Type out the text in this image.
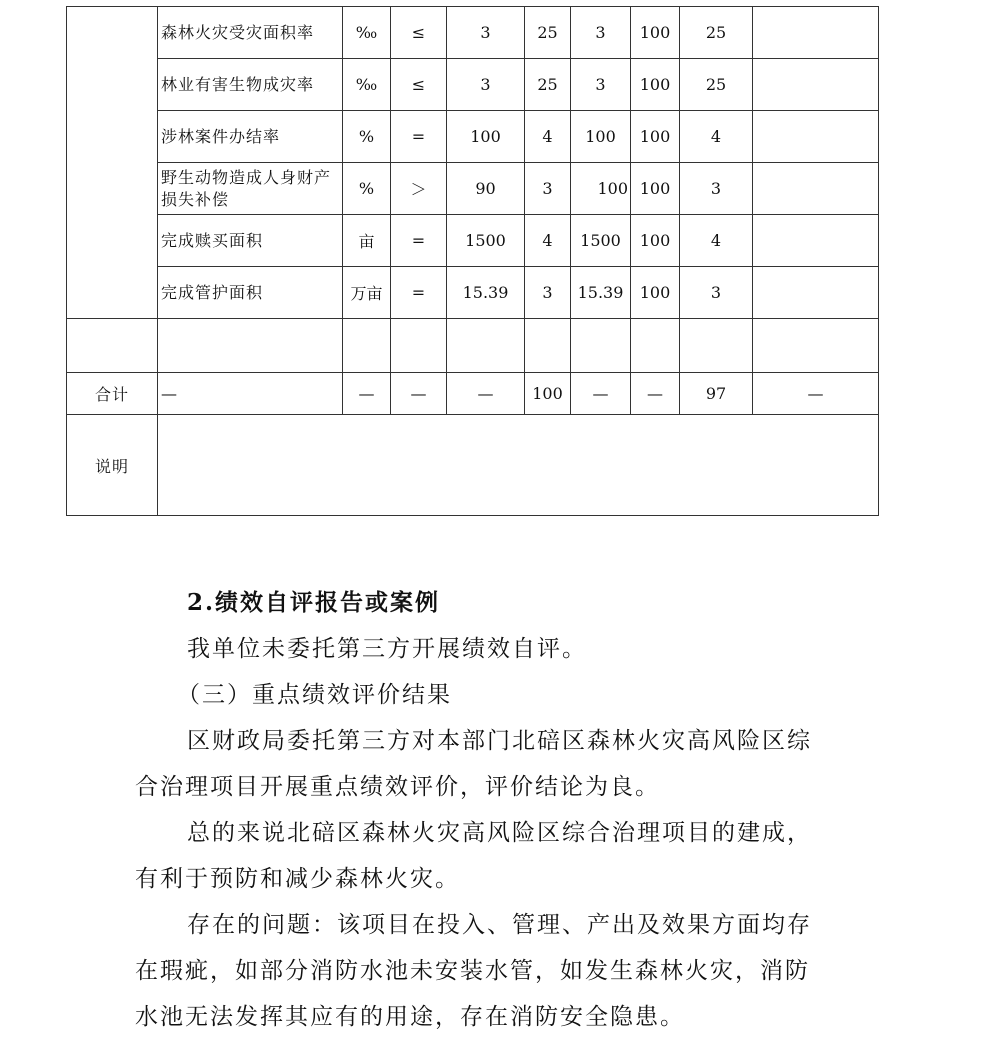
	森林火灾受灾面积率	‰	≤	3	25	3	100	25	
	林业有害生物成灾率	‰	≤	3	25	3	100	25	
	涉林案件办结率	%	=	100	4	100	100	4	
	野生动物造成人身财产损失补偿	%	＞	90	3	100	100	3	
	完成赎买面积	亩	=	1500	4	1500	100	4	
	完成管护面积	万亩	=	15.39	3	15.39	100	3	

合计	—	—	—	—	100	—	—	97	—
说明									

2.绩效自评报告或案例

我单位未委托第三方开展绩效自评。

（三）重点绩效评价结果

区财政局委托第三方对本部门北碚区森林火灾高风险区综

合治理项目开展重点绩效评价，评价结论为良。

总的来说北碚区森林火灾高风险区综合治理项目的建成，

有利于预防和减少森林火灾。

存在的问题：该项目在投入、管理、产出及效果方面均存

在瑕疵，如部分消防水池未安装水管，如发生森林火灾，消防

水池无法发挥其应有的用途，存在消防安全隐患。
